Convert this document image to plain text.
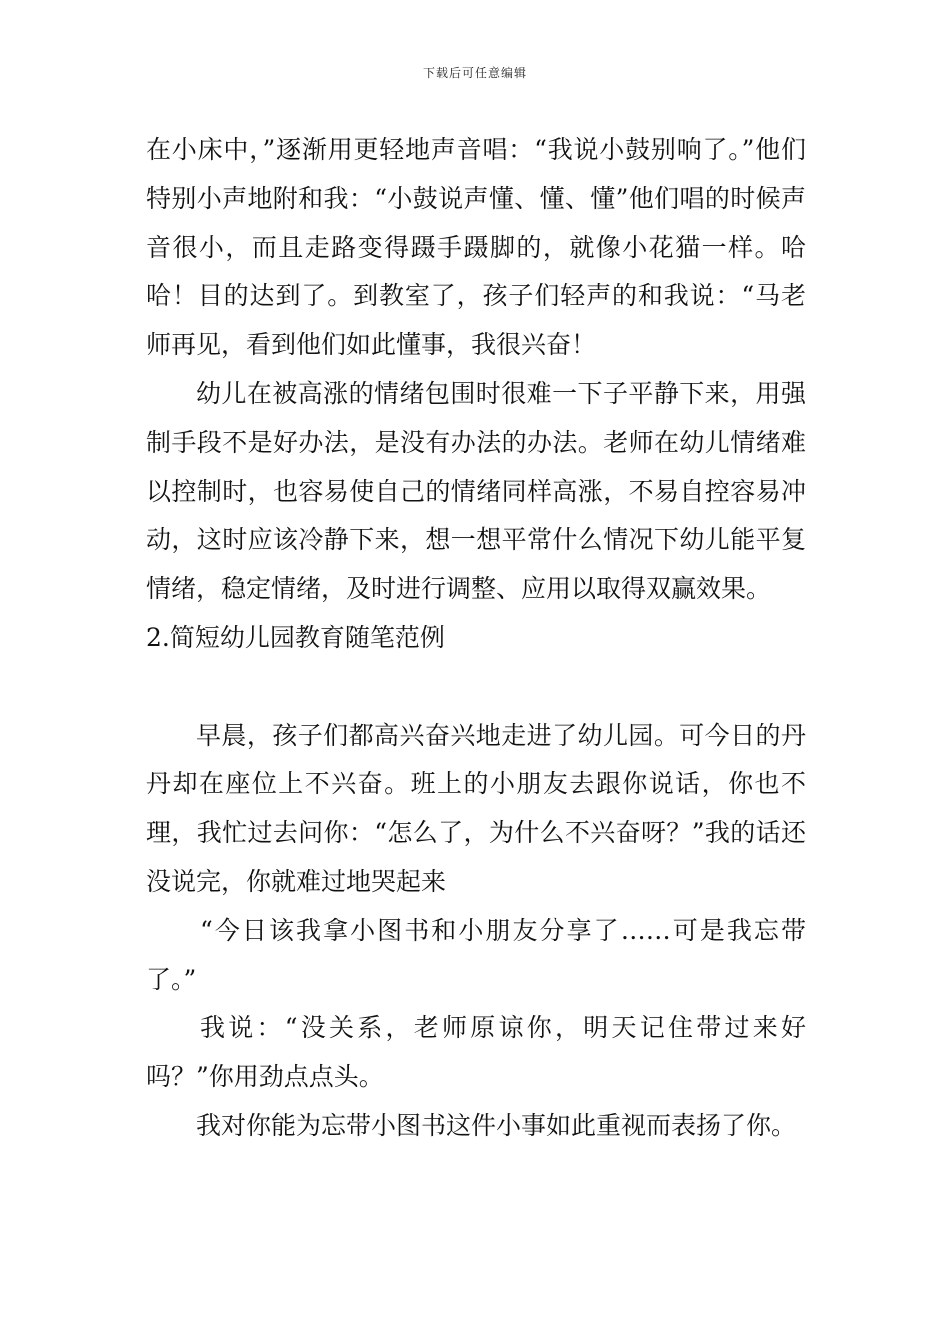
下载后可任意编辑

在小床中，”逐渐用更轻地声音唱：“我说小鼓别响了。”他们特别小声地附和我：“小鼓说声懂、懂、懂”他们唱的时候声音很小，而且走路变得蹑手蹑脚的，就像小花猫一样。哈哈！目的达到了。到教室了，孩子们轻声的和我说：“马老师再见，看到他们如此懂事，我很兴奋！

幼儿在被高涨的情绪包围时很难一下子平静下来，用强制手段不是好办法，是没有办法的办法。老师在幼儿情绪难以控制时，也容易使自己的情绪同样高涨，不易自控容易冲动，这时应该冷静下来，想一想平常什么情况下幼儿能平复情绪，稳定情绪，及时进行调整、应用以取得双赢效果。

2.简短幼儿园教育随笔范例

早晨，孩子们都高兴奋兴地走进了幼儿园。可今日的丹丹却在座位上不兴奋。班上的小朋友去跟你说话，你也不理，我忙过去问你：“怎么了，为什么不兴奋呀？”我的话还没说完，你就难过地哭起来

“今日该我拿小图书和小朋友分享了……可是我忘带了。”

我说：“没关系，老师原谅你，明天记住带过来好吗？”你用劲点点头。

我对你能为忘带小图书这件小事如此重视而表扬了你。
